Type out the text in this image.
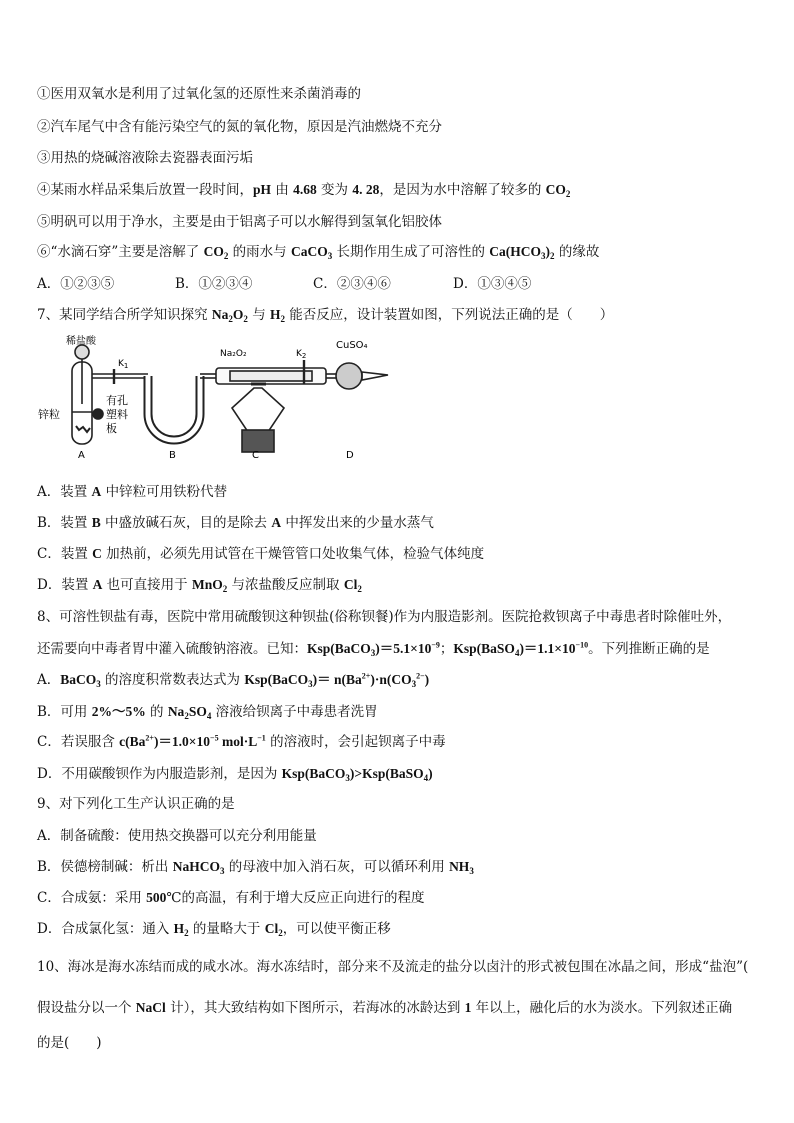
①医用双氧水是利用了过氧化氢的还原性来杀菌消毒的
②汽车尾气中含有能污染空气的氮的氧化物，原因是汽油燃烧不充分
③用热的烧碱溶液除去瓷器表面污垢
④某雨水样品采集后放置一段时间，pH 由 4.68 变为 4. 28，是因为水中溶解了较多的 $CO_2$
⑤明矾可以用于净水，主要是由于铝离子可以水解得到氢氧化铝胶体
⑥“水滴石穿”主要是溶解了 $CO_2$ 的雨水与 CaCO$_3$ 长期作用生成了可溶性的 $Ca(HCO_3)_2$ 的缘故
A．①②③⑤	B．①②③④	C．②③④⑥	D．①③④⑤
7、某同学结合所学知识探究 $Na_2O_2$ 与 $H_2$ 能否反应，设计装置如图，下列说法正确的是（　　）
稀盐酸
$K_1$
锌粒
有孔
塑料
板
Na₂O₂	$K_2$
CuSO₄
A	B	C	D
A．装置 A 中锌粒可用铁粉代替
B．装置 B 中盛放碱石灰，目的是除去 A 中挥发出来的少量水蒸气
C．装置 C 加热前，必须先用试管在干燥管管口处收集气体，检验气体纯度
D．装置 A 也可直接用于 MnO$_2$ 与浓盐酸反应制取 $Cl_2$
8、可溶性钡盐有毒，医院中常用硫酸钡这种钡盐(俗称钡餐)作为内服造影剂。医院抢救钡离子中毒患者时除催吐外，
还需要向中毒者胃中灌入硫酸钠溶液。已知：$Ksp(BaCO_3)=5.1\times 10^{-9}$；$Ksp(BaSO_4)=1.1\times 10^{-10}$。下列推断正确的是
A．BaCO$_3$ 的溶度积常数表达式为 Ksp(BaCO$_3$)＝ $n(Ba^{2+})\cdot n(CO_3^{2-})$
B．可用 2%～5% 的 $Na_2SO_4$ 溶液给钡离子中毒患者洗胃
C．若误服含 $c(Ba^{2+})=1.0\times 10^{-5}$ $mol\cdot L^{-1}$ 的溶液时，会引起钡离子中毒
D．不用碳酸钡作为内服造影剂，是因为 Ksp(BaCO$_3$)>Ksp(BaSO$_4$)
9、对下列化工生产认识正确的是
A．制备硫酸：使用热交换器可以充分利用能量
B．侯德榜制碱：析出 NaHCO$_3$ 的母液中加入消石灰，可以循环利用 $NH_3$
C．合成氨：采用 500℃的高温，有利于增大反应正向进行的程度
D．合成氯化氢：通入 $H_2$ 的量略大于 $Cl_2$，可以使平衡正移
10、海冰是海水冻结而成的咸水冰。海水冻结时，部分来不及流走的盐分以卤汁的形式被包围在冰晶之间，形成“盐泡”(
假设盐分以一个 NaCl 计），其大致结构如下图所示，若海冰的冰龄达到 1 年以上，融化后的水为淡水。下列叙述正确
的是(　　)
